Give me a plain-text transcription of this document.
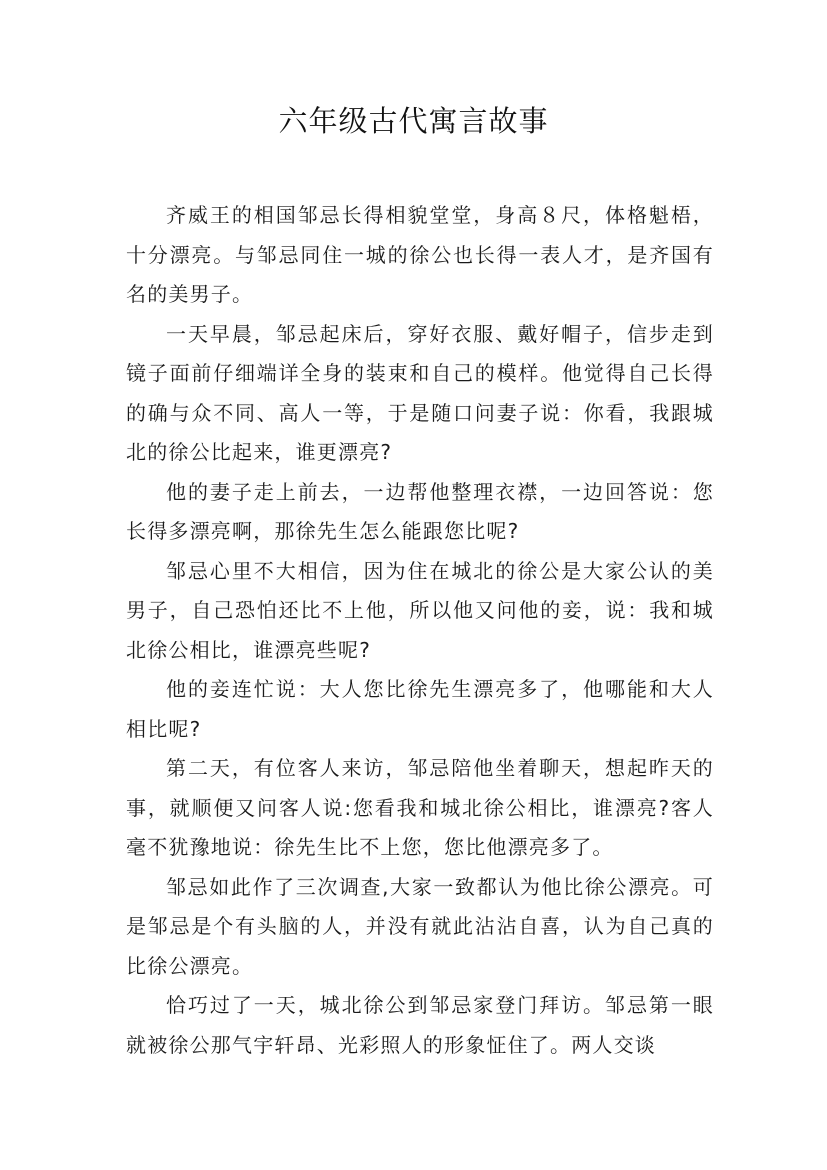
六年级古代寓言故事

齐威王的相国邹忌长得相貌堂堂，身高８尺，体格魁梧，十分漂亮。与邹忌同住一城的徐公也长得一表人才，是齐国有名的美男子。

一天早晨，邹忌起床后，穿好衣服、戴好帽子，信步走到镜子面前仔细端详全身的装束和自己的模样。他觉得自己长得的确与众不同、高人一等，于是随口问妻子说：你看，我跟城北的徐公比起来，谁更漂亮?

他的妻子走上前去，一边帮他整理衣襟，一边回答说：您长得多漂亮啊，那徐先生怎么能跟您比呢?

邹忌心里不大相信，因为住在城北的徐公是大家公认的美男子，自己恐怕还比不上他，所以他又问他的妾，说：我和城北徐公相比，谁漂亮些呢?

他的妾连忙说：大人您比徐先生漂亮多了，他哪能和大人相比呢?

第二天，有位客人来访，邹忌陪他坐着聊天，想起昨天的事，就顺便又问客人说:您看我和城北徐公相比，谁漂亮?客人毫不犹豫地说：徐先生比不上您，您比他漂亮多了。

邹忌如此作了三次调查,大家一致都认为他比徐公漂亮。可是邹忌是个有头脑的人，并没有就此沾沾自喜，认为自己真的比徐公漂亮。

恰巧过了一天，城北徐公到邹忌家登门拜访。邹忌第一眼就被徐公那气宇轩昂、光彩照人的形象怔住了。两人交谈
